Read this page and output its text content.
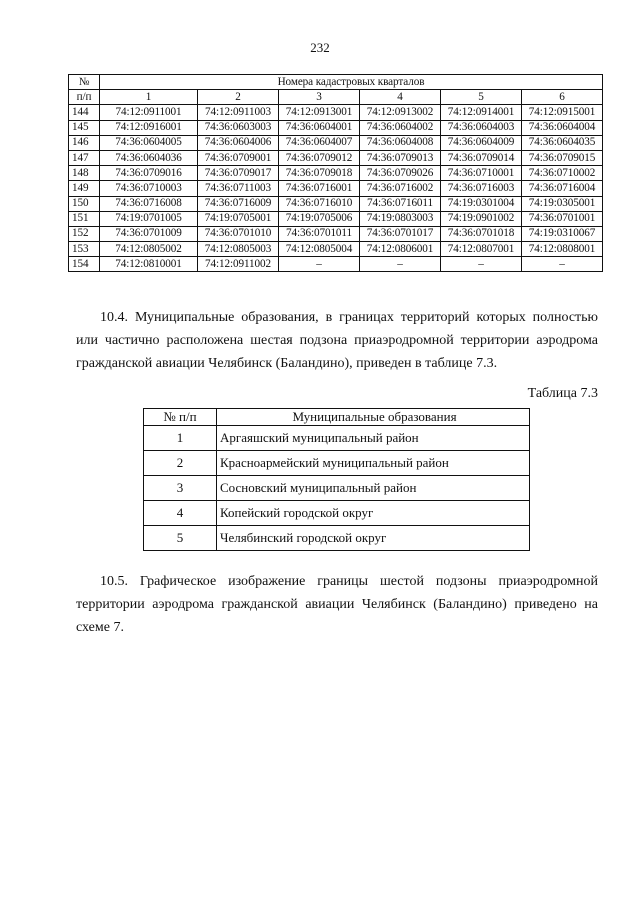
232
№	Номера кадастровых кварталов					
п/п	1	2	3	4	5	6
144	74:12:0911001	74:12:0911003	74:12:0913001	74:12:0913002	74:12:0914001	74:12:0915001
145	74:12:0916001	74:36:0603003	74:36:0604001	74:36:0604002	74:36:0604003	74:36:0604004
146	74:36:0604005	74:36:0604006	74:36:0604007	74:36:0604008	74:36:0604009	74:36:0604035
147	74:36:0604036	74:36:0709001	74:36:0709012	74:36:0709013	74:36:0709014	74:36:0709015
148	74:36:0709016	74:36:0709017	74:36:0709018	74:36:0709026	74:36:0710001	74:36:0710002
149	74:36:0710003	74:36:0711003	74:36:0716001	74:36:0716002	74:36:0716003	74:36:0716004
150	74:36:0716008	74:36:0716009	74:36:0716010	74:36:0716011	74:19:0301004	74:19:0305001
151	74:19:0701005	74:19:0705001	74:19:0705006	74:19:0803003	74:19:0901002	74:36:0701001
152	74:36:0701009	74:36:0701010	74:36:0701011	74:36:0701017	74:36:0701018	74:19:0310067
153	74:12:0805002	74:12:0805003	74:12:0805004	74:12:0806001	74:12:0807001	74:12:0808001
154	74:12:0810001	74:12:0911002	–	–	–	–

10.4. Муниципальные образования, в границах территорий которых полностью или частично расположена шестая подзона приаэродромной территории аэродрома гражданской авиации Челябинск (Баландино), приведен в таблице 7.3.

Таблица 7.3
№ п/п	Муниципальные образования
1	Аргаяшский муниципальный район
2	Красноармейский муниципальный район
3	Сосновский муниципальный район
4	Копейский городской округ
5	Челябинский городской округ

10.5. Графическое изображение границы шестой подзоны приаэродромной территории аэродрома гражданской авиации Челябинск (Баландино) приведено на схеме 7.
